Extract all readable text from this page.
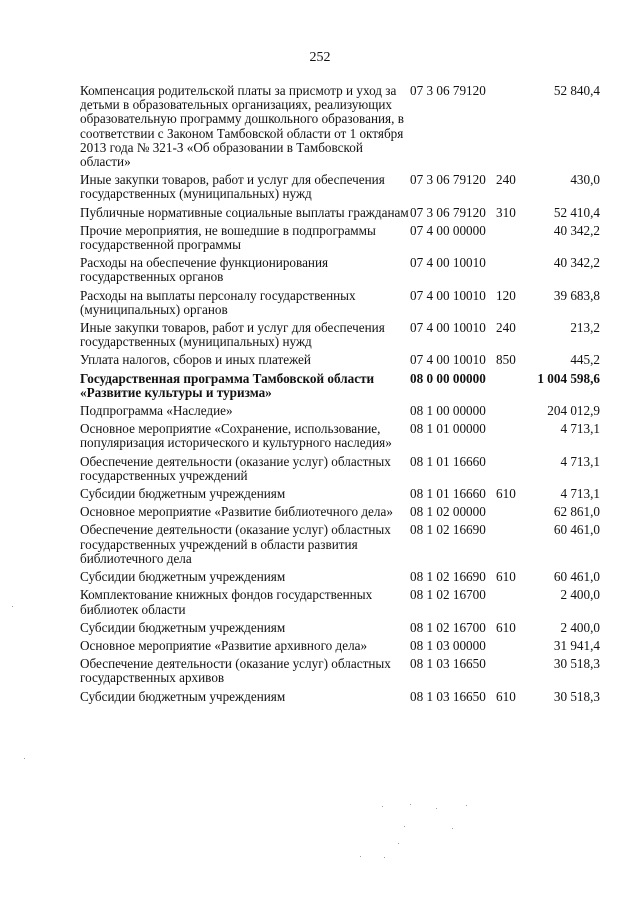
252
Компенсация родительской платы за присмотр и уход за детьми в образовательных организациях, реализующих образовательную программу дошкольного образования, в соответствии с Законом Тамбовской области от 1 октября 2013 года № 321-З «Об образовании в Тамбовской области»	07 3 06 79120		52 840,4
Иные закупки товаров, работ и услуг для обеспечения государственных (муниципальных) нужд	07 3 06 79120	240	430,0
Публичные нормативные социальные выплаты гражданам	07 3 06 79120	310	52 410,4
Прочие мероприятия, не вошедшие в подпрограммы государственной программы	07 4 00 00000		40 342,2
Расходы на обеспечение функционирования государственных органов	07 4 00 10010		40 342,2
Расходы на выплаты персоналу государственных (муниципальных) органов	07 4 00 10010	120	39 683,8
Иные закупки товаров, работ и услуг для обеспечения государственных (муниципальных) нужд	07 4 00 10010	240	213,2
Уплата налогов, сборов и иных платежей	07 4 00 10010	850	445,2
Государственная программа Тамбовской области «Развитие культуры и туризма»	08 0 00 00000		1 004 598,6
Подпрограмма «Наследие»	08 1 00 00000		204 012,9
Основное мероприятие «Сохранение, использование, популяризация исторического и культурного наследия»	08 1 01 00000		4 713,1
Обеспечение деятельности (оказание услуг) областных государственных учреждений	08 1 01 16660		4 713,1
Субсидии бюджетным учреждениям	08 1 01 16660	610	4 713,1
Основное мероприятие «Развитие библиотечного дела»	08 1 02 00000		62 861,0
Обеспечение деятельности (оказание услуг) областных государственных учреждений в области развития библиотечного дела	08 1 02 16690		60 461,0
Субсидии бюджетным учреждениям	08 1 02 16690	610	60 461,0
Комплектование книжных фондов государственных библиотек области	08 1 02 16700		2 400,0
Субсидии бюджетным учреждениям	08 1 02 16700	610	2 400,0
Основное мероприятие «Развитие архивного дела»	08 1 03 00000		31 941,4
Обеспечение деятельности (оказание услуг) областных государственных архивов	08 1 03 16650		30 518,3
Субсидии бюджетным учреждениям	08 1 03 16650	610	30 518,3
